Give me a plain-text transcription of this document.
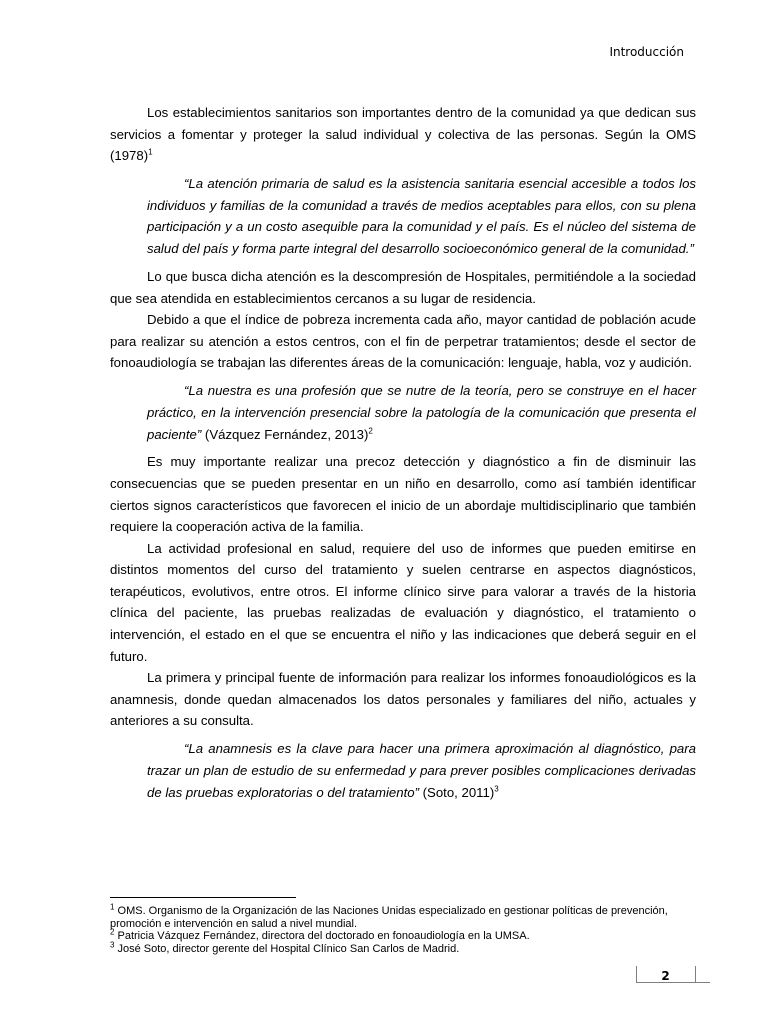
Introducción

Los establecimientos sanitarios son importantes dentro de la comunidad ya que dedican sus servicios a fomentar y proteger la salud individual y colectiva de las personas. Según la OMS $(1978)^1$

“La atención primaria de salud es la asistencia sanitaria esencial accesible a todos los individuos y familias de la comunidad a través de medios aceptables para ellos, con su plena participación y a un costo asequible para la comunidad y el país. Es el núcleo del sistema de salud del país y forma parte integral del desarrollo socioeconómico general de la comunidad.”

Lo que busca dicha atención es la descompresión de Hospitales, permitiéndole a la sociedad que sea atendida en establecimientos cercanos a su lugar de residencia.

Debido a que el índice de pobreza incrementa cada año, mayor cantidad de población acude para realizar su atención a estos centros, con el fin de perpetrar tratamientos; desde el sector de fonoaudiología se trabajan las diferentes áreas de la comunicación: lenguaje, habla, voz y audición.

“La nuestra es una profesión que se nutre de la teoría, pero se construye en el hacer práctico, en la intervención presencial sobre la patología de la comunicación que presenta el paciente” (Vázquez Fernández, 2013)$^2$

Es muy importante realizar una precoz detección y diagnóstico a fin de disminuir las consecuencias que se pueden presentar en un niño en desarrollo, como así también identificar ciertos signos característicos que favorecen el inicio de un abordaje multidisciplinario que también requiere la cooperación activa de la familia.

La actividad profesional en salud, requiere del uso de informes que pueden emitirse en distintos momentos del curso del tratamiento y suelen centrarse en aspectos diagnósticos, terapéuticos, evolutivos, entre otros. El informe clínico sirve para valorar a través de la historia clínica del paciente, las pruebas realizadas de evaluación y diagnóstico, el tratamiento o intervención, el estado en el que se encuentra el niño y las indicaciones que deberá seguir en el futuro.

La primera y principal fuente de información para realizar los informes fonoaudiológicos es la anamnesis, donde quedan almacenados los datos personales y familiares del niño, actuales y anteriores a su consulta.

“La anamnesis es la clave para hacer una primera aproximación al diagnóstico, para trazar un plan de estudio de su enfermedad y para prever posibles complicaciones derivadas de las pruebas exploratorias o del tratamiento” (Soto, 2011)$^3$

$^1$ OMS. Organismo de la Organización de las Naciones Unidas especializado en gestionar políticas de prevención, promoción e intervención en salud a nivel mundial.

$^2$ Patricia Vázquez Fernández, directora del doctorado en fonoaudiología en la UMSA.

$^3$ José Soto, director gerente del Hospital Clínico San Carlos de Madrid.

2
